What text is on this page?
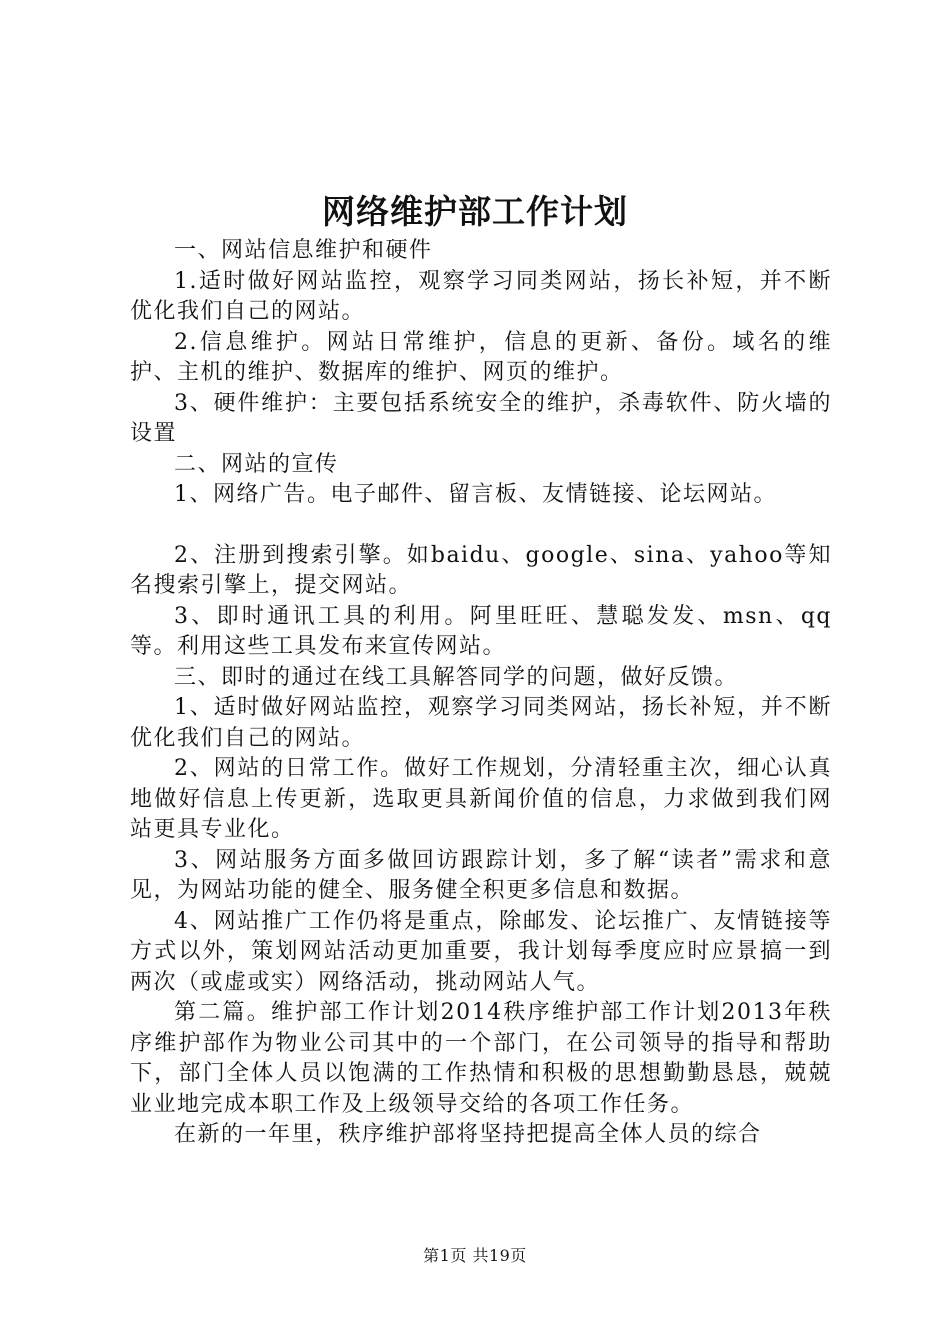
网络维护部工作计划

一、网站信息维护和硬件

1.适时做好网站监控，观察学习同类网站，扬长补短，并不断优化我们自己的网站。

2.信息维护。网站日常维护，信息的更新、备份。域名的维护、主机的维护、数据库的维护、网页的维护。

3、硬件维护：主要包括系统安全的维护，杀毒软件、防火墙的设置

二、网站的宣传

1、网络广告。电子邮件、留言板、友情链接、论坛网站。

2、注册到搜索引擎。如baidu、google、sina、yahoo等知名搜索引擎上，提交网站。

3、即时通讯工具的利用。阿里旺旺、慧聪发发、msn、qq等。利用这些工具发布来宣传网站。

三、即时的通过在线工具解答同学的问题，做好反馈。

1、适时做好网站监控，观察学习同类网站，扬长补短，并不断优化我们自己的网站。

2、网站的日常工作。做好工作规划，分清轻重主次，细心认真地做好信息上传更新，选取更具新闻价值的信息，力求做到我们网站更具专业化。

3、网站服务方面多做回访跟踪计划，多了解“读者”需求和意见，为网站功能的健全、服务健全积更多信息和数据。

4、网站推广工作仍将是重点，除邮发、论坛推广、友情链接等方式以外，策划网站活动更加重要，我计划每季度应时应景搞一到两次（或虚或实）网络活动，挑动网站人气。

第二篇。维护部工作计划2014秩序维护部工作计划2013年秩序维护部作为物业公司其中的一个部门，在公司领导的指导和帮助下，部门全体人员以饱满的工作热情和积极的思想勤勤恳恳，兢兢业业地完成本职工作及上级领导交给的各项工作任务。

在新的一年里，秩序维护部将坚持把提高全体人员的综合

第1页 共19页
